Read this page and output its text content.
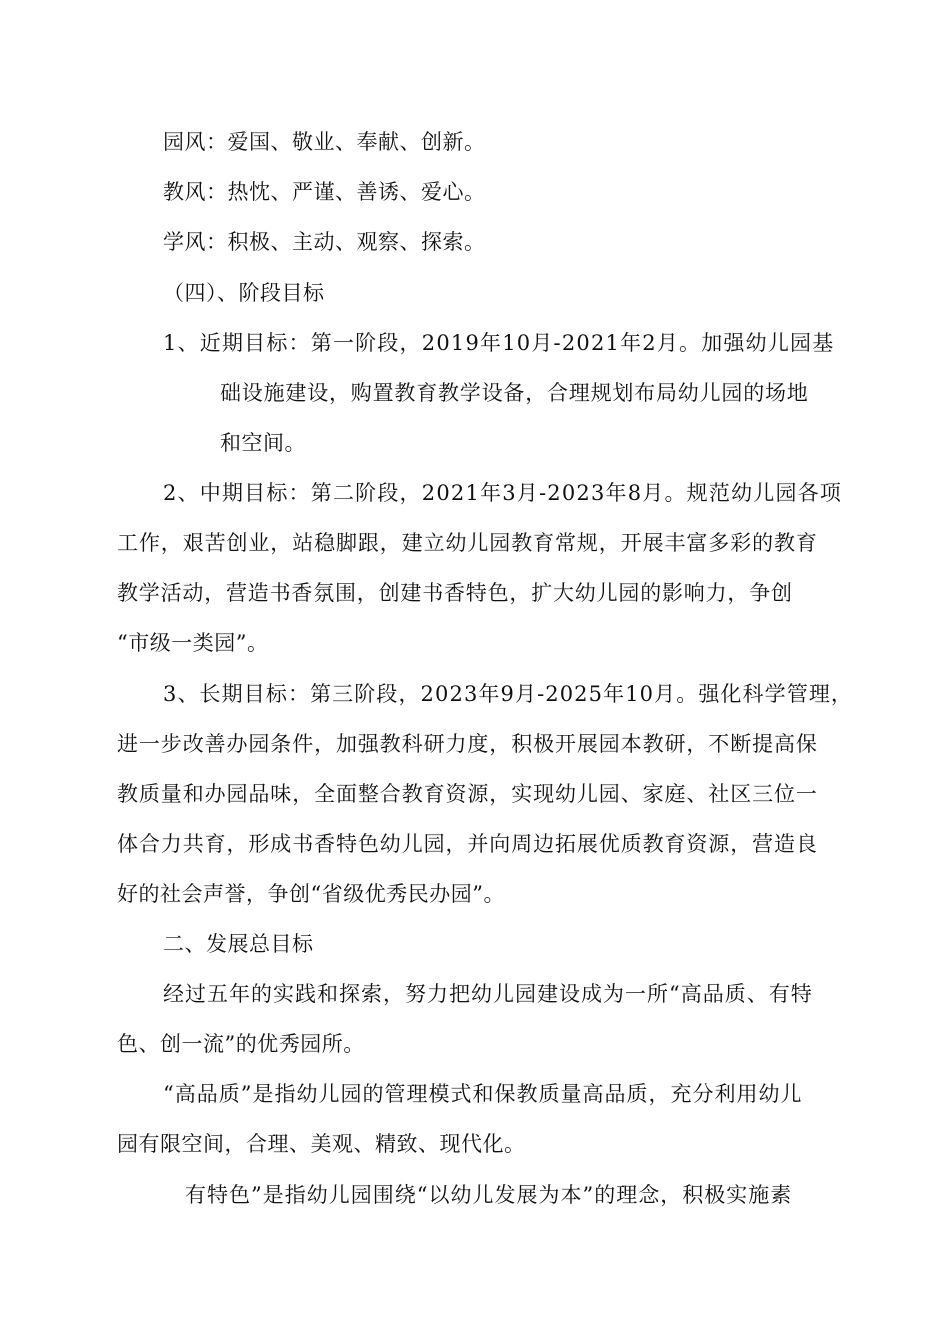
园风：爱国、敬业、奉献、创新。
教风：热忱、严谨、善诱、爱心。
学风：积极、主动、观察、探索。
（四）、阶段目标
1、近期目标：第一阶段，2019年10月-2021年2月。加强幼儿园基
础设施建设，购置教育教学设备，合理规划布局幼儿园的场地
和空间。
2、中期目标：第二阶段，2021年3月-2023年8月。规范幼儿园各项
工作，艰苦创业，站稳脚跟，建立幼儿园教育常规，开展丰富多彩的教育
教学活动，营造书香氛围，创建书香特色，扩大幼儿园的影响力，争创
“市级一类园”。
3、长期目标：第三阶段，2023年9月-2025年10月。强化科学管理，
进一步改善办园条件，加强教科研力度，积极开展园本教研，不断提高保
教质量和办园品味，全面整合教育资源，实现幼儿园、家庭、社区三位一
体合力共育，形成书香特色幼儿园，并向周边拓展优质教育资源，营造良
好的社会声誉，争创“省级优秀民办园”。
二、发展总目标
经过五年的实践和探索，努力把幼儿园建设成为一所“高品质、有特
色、创一流”的优秀园所。
“高品质”是指幼儿园的管理模式和保教质量高品质，充分利用幼儿
园有限空间，合理、美观、精致、现代化。
有特色”是指幼儿园围绕“以幼儿发展为本”的理念，积极实施素
